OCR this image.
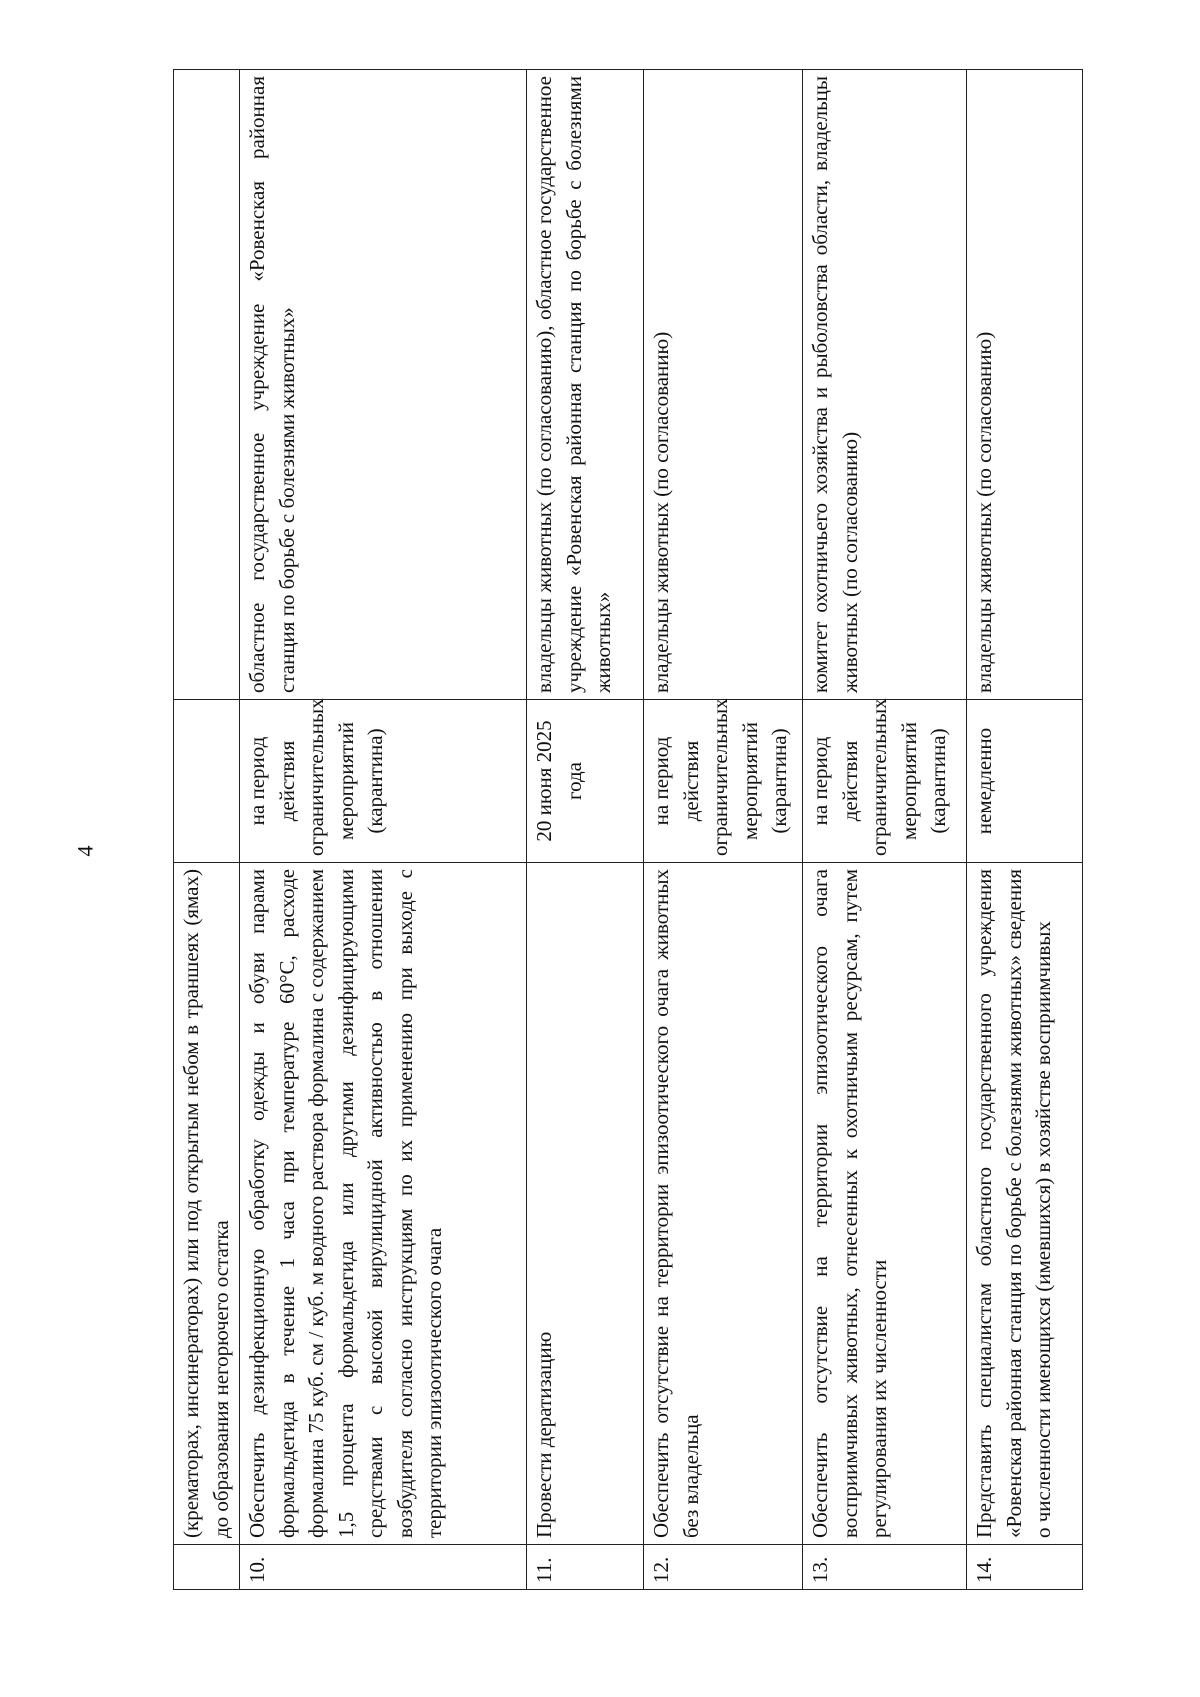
4
	(крематорах, инсинераторах) или под открытым небом в траншеях (ямах) до образования негорючего остатка		
10.	Обеспечить дезинфекционную обработку одежды и обуви парами формальдегида в течение 1 часа при температуре 60°С, расходе формалина 75 куб. см / куб. м водного раствора формалина с содержанием 1,5 процента формальдегида или другими дезинфицирующими средствами с высокой вирулицидной активностью в отношении возбудителя согласно инструкциям по их применению при выходе с территории эпизоотического очага	на период действия ограничительных мероприятий (карантина)	областное государственное учреждение «Ровенская районная станция по борьбе с болезнями животных»
11.	Провести дератизацию	20 июня 2025 года	владельцы животных (по согласованию), областное государственное учреждение «Ровенская районная станция по борьбе с болезнями животных»
12.	Обеспечить отсутствие на территории эпизоотического очага животных без владельца	на период действия ограничительных мероприятий (карантина)	владельцы животных (по согласованию)
13.	Обеспечить отсутствие на территории эпизоотического очага восприимчивых животных, отнесенных к охотничьим ресурсам, путем регулирования их численности	на период действия ограничительных мероприятий (карантина)	комитет охотничьего хозяйства и рыболовства области, владельцы животных (по согласованию)
14.	Представить специалистам областного государственного учреждения «Ровенская районная станция по борьбе с болезнями животных» сведения о численности имеющихся (имевшихся) в хозяйстве восприимчивых	немедленно	владельцы животных (по согласованию)
